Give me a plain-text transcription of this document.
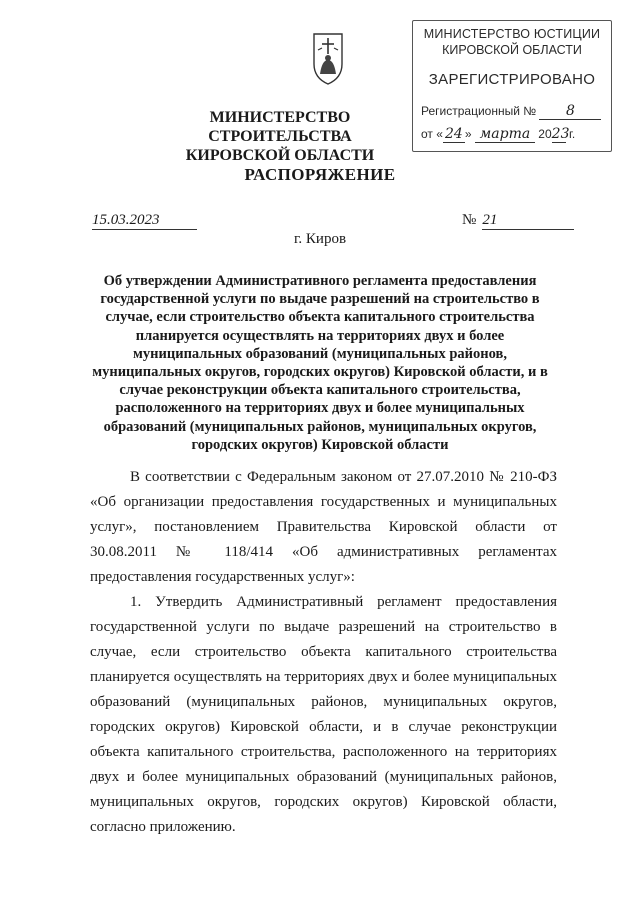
МИНИСТЕРСТВО ЮСТИЦИИ
КИРОВСКОЙ ОБЛАСТИ
ЗАРЕГИСТРИРОВАНО
Регистрационный № 8
от « 24 » марта 2023 г.
МИНИСТЕРСТВО СТРОИТЕЛЬСТВА
КИРОВСКОЙ ОБЛАСТИ
РАСПОРЯЖЕНИЕ
15.03.2023	№ 21
г. Киров
Об утверждении Административного регламента предоставления государственной услуги по выдаче разрешений на строительство в случае, если строительство объекта капитального строительства планируется осуществлять на территориях двух и более муниципальных образований (муниципальных районов, муниципальных округов, городских округов) Кировской области, и в случае реконструкции объекта капитального строительства, расположенного на территориях двух и более муниципальных образований (муниципальных районов, муниципальных округов, городских округов) Кировской области

В соответствии с Федеральным законом от 27.07.2010 № 210-ФЗ «Об организации предоставления государственных и муниципальных услуг», постановлением Правительства Кировской области от 30.08.2011 № 118/414 «Об административных регламентах предоставления государственных услуг»:

1. Утвердить Административный регламент предоставления государственной услуги по выдаче разрешений на строительство в случае, если строительство объекта капитального строительства планируется осуществлять на территориях двух и более муниципальных образований (муниципальных районов, муниципальных округов, городских округов) Кировской области, и в случае реконструкции объекта капитального строительства, расположенного на территориях двух и более муниципальных образований (муниципальных районов, муниципальных округов, городских округов) Кировской области, согласно приложению.
